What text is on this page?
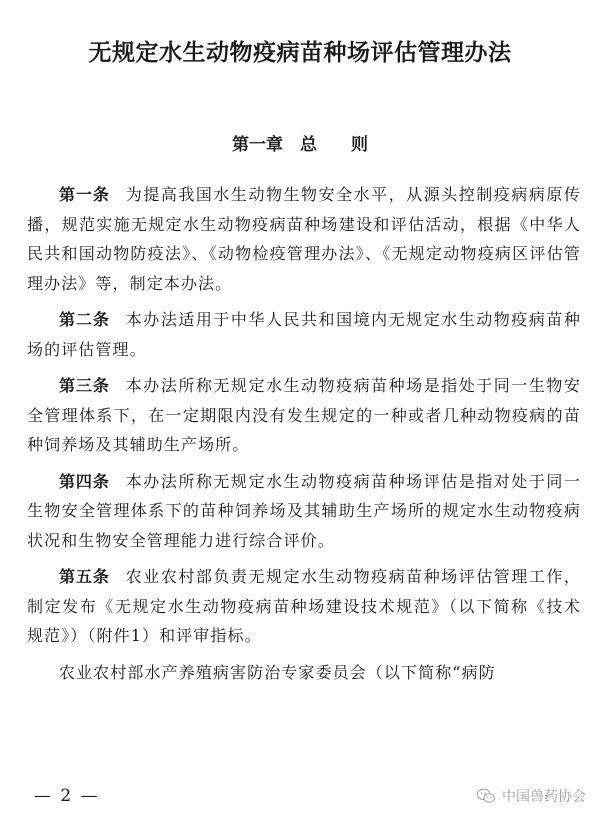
无规定水生动物疫病苗种场评估管理办法
第一章　总　　则

第一条 为提高我国水生动物生物安全水平，从源头控制疫病病原传播，规范实施无规定水生动物疫病苗种场建设和评估活动，根据《中华人民共和国动物防疫法》、《动物检疫管理办法》、《无规定动物疫病区评估管理办法》等，制定本办法。

第二条 本办法适用于中华人民共和国境内无规定水生动物疫病苗种场的评估管理。

第三条 本办法所称无规定水生动物疫病苗种场是指处于同一生物安全管理体系下，在一定期限内没有发生规定的一种或者几种动物疫病的苗种饲养场及其辅助生产场所。

第四条 本办法所称无规定水生动物疫病苗种场评估是指对处于同一生物安全管理体系下的苗种饲养场及其辅助生产场所的规定水生动物疫病状况和生物安全管理能力进行综合评价。

第五条 农业农村部负责无规定水生动物疫病苗种场评估管理工作，制定发布《无规定水生动物疫病苗种场建设技术规范》（以下简称《技术规范》）（附件1）和评审指标。

农业农村部水产养殖病害防治专家委员会（以下简称“病防

— 2 —	中国兽药协会
